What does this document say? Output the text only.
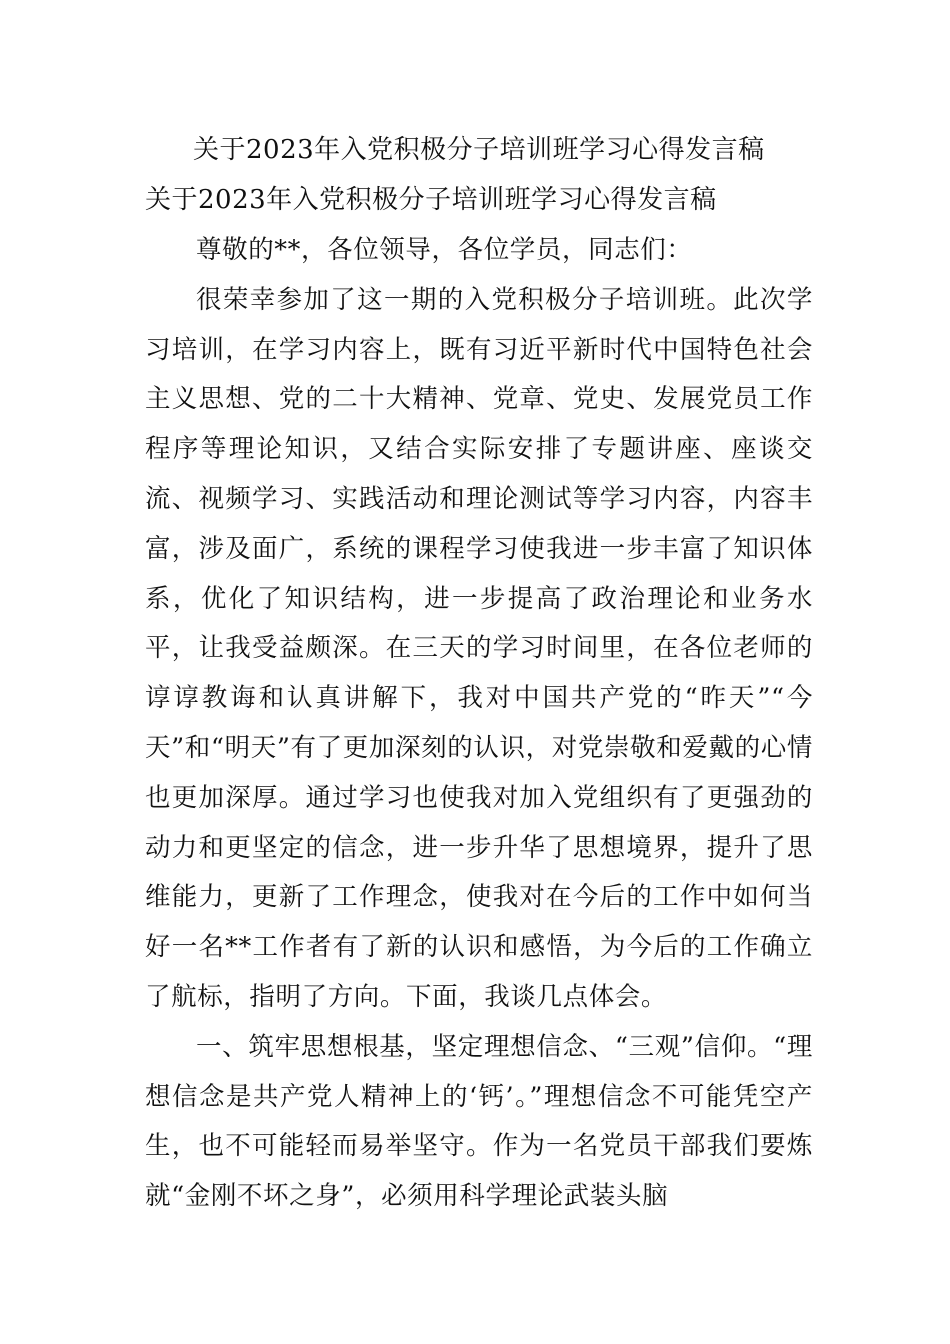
关于2023年入党积极分子培训班学习心得发言稿
关于2023年入党积极分子培训班学习心得发言稿

尊敬的**，各位领导，各位学员，同志们：

很荣幸参加了这一期的入党积极分子培训班。此次学习培训，在学习内容上，既有习近平新时代中国特色社会主义思想、党的二十大精神、党章、党史、发展党员工作程序等理论知识，又结合实际安排了专题讲座、座谈交流、视频学习、实践活动和理论测试等学习内容，内容丰富，涉及面广，系统的课程学习使我进一步丰富了知识体系，优化了知识结构，进一步提高了政治理论和业务水平，让我受益颇深。在三天的学习时间里，在各位老师的谆谆教诲和认真讲解下，我对中国共产党的“昨天”“今天”和“明天”有了更加深刻的认识，对党崇敬和爱戴的心情也更加深厚。通过学习也使我对加入党组织有了更强劲的动力和更坚定的信念，进一步升华了思想境界，提升了思维能力，更新了工作理念，使我对在今后的工作中如何当好一名**工作者有了新的认识和感悟，为今后的工作确立了航标，指明了方向。下面，我谈几点体会。

一、筑牢思想根基，坚定理想信念、“三观”信仰。“理想信念是共产党人精神上的‘钙’。”理想信念不可能凭空产生，也不可能轻而易举坚守。作为一名党员干部我们要炼就“金刚不坏之身”，必须用科学理论武装头脑
